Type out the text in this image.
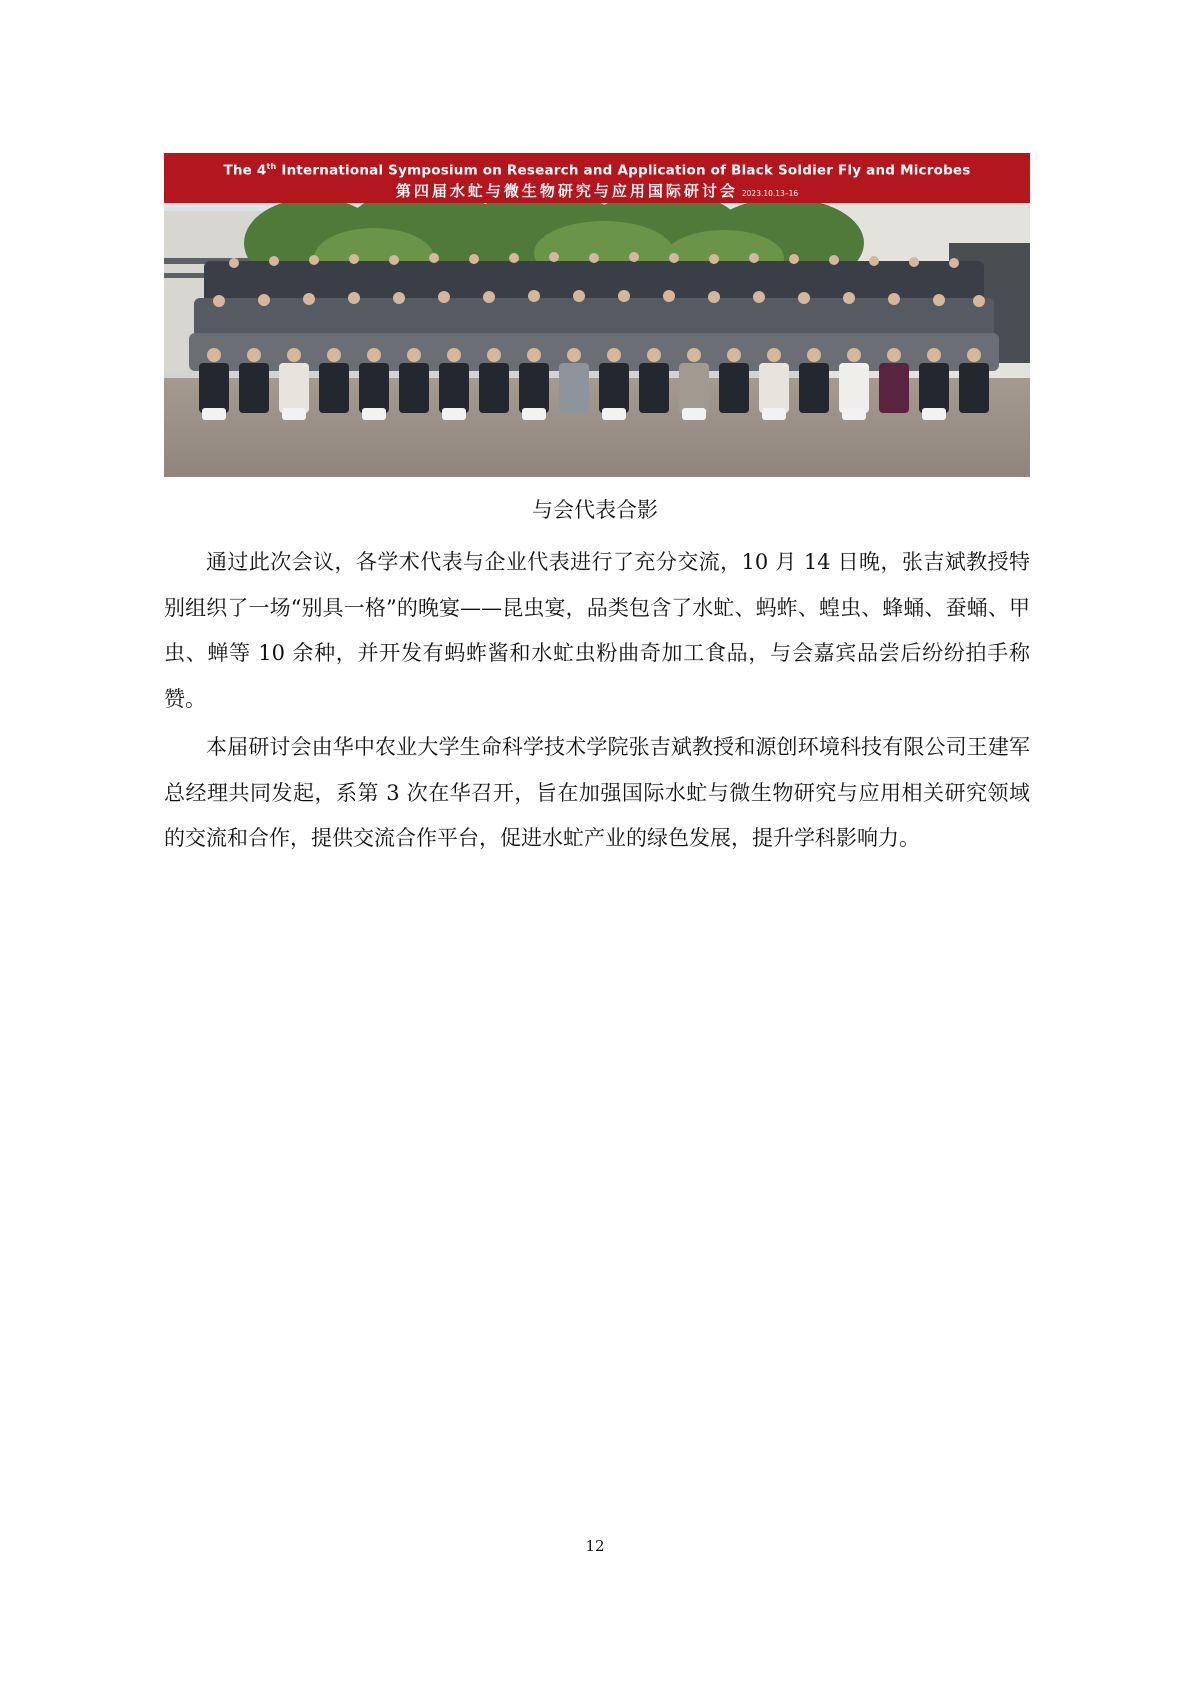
The 4th International Symposium on Research and Application of Black Soldier Fly and Microbes
第四届水虻与微生物研究与应用国际研讨会 2023.10.13–16
与会代表合影

通过此次会议，各学术代表与企业代表进行了充分交流，10 月 14 日晚，张吉斌教授特别组织了一场“别具一格”的晚宴——昆虫宴，品类包含了水虻、蚂蚱、蝗虫、蜂蛹、蚕蛹、甲虫、蝉等 10 余种，并开发有蚂蚱酱和水虻虫粉曲奇加工食品，与会嘉宾品尝后纷纷拍手称赞。

本届研讨会由华中农业大学生命科学技术学院张吉斌教授和源创环境科技有限公司王建军总经理共同发起，系第 3 次在华召开，旨在加强国际水虻与微生物研究与应用相关研究领域的交流和合作，提供交流合作平台，促进水虻产业的绿色发展，提升学科影响力。

12
